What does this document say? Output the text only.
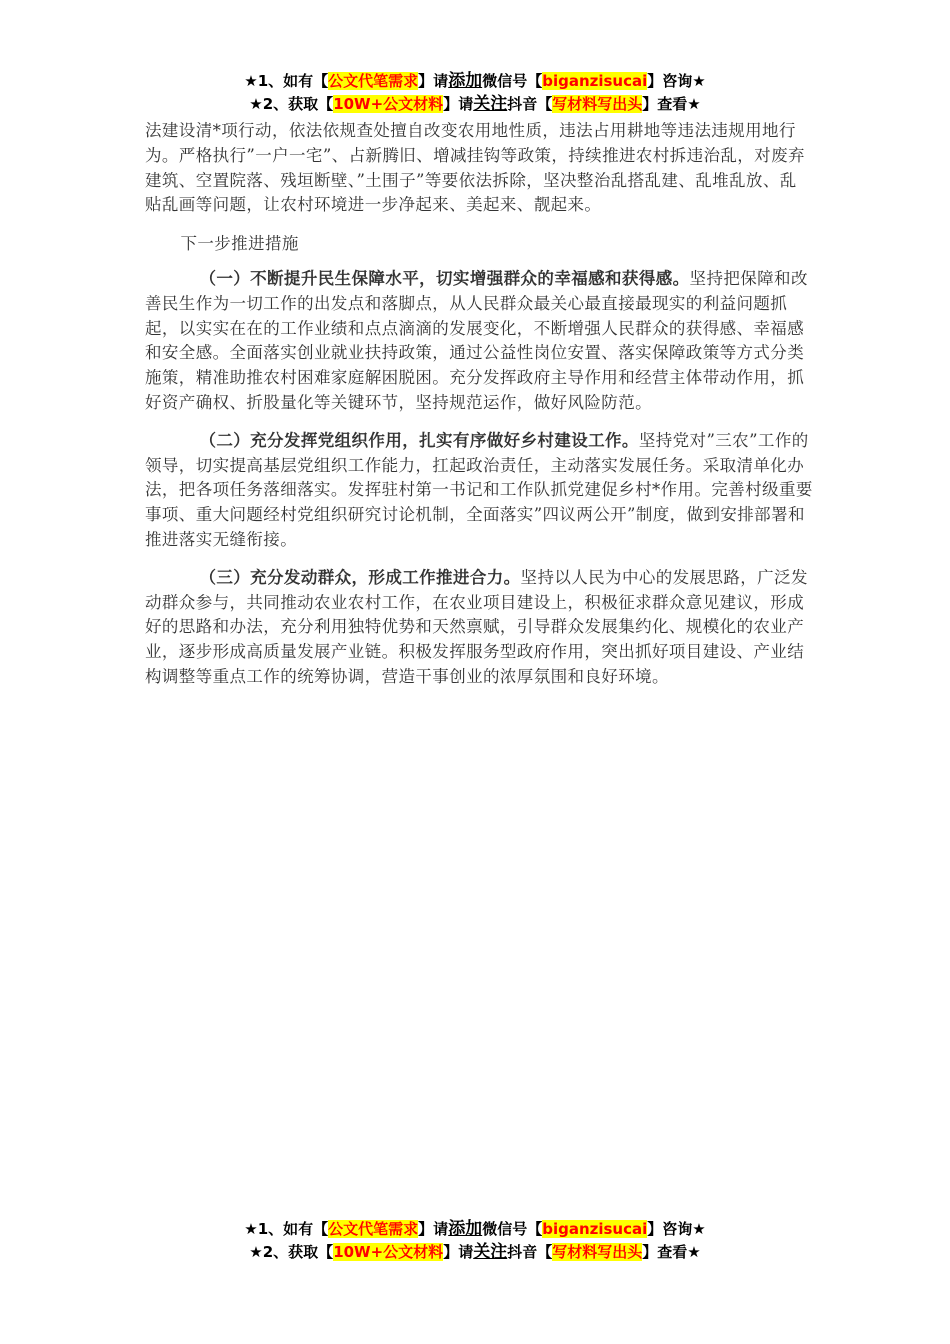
★1、如有【公文代笔需求】请添加微信号【biganzisucai】咨询★
★2、获取【10W+公文材料】请关注抖音【写材料写出头】查看★

法建设清*项行动，依法依规查处擅自改变农用地性质，违法占用耕地等违法违规用地行为。严格执行”一户一宅”、占新腾旧、增减挂钩等政策，持续推进农村拆违治乱，对废弃建筑、空置院落、残垣断壁、”土围子”等要依法拆除，坚决整治乱搭乱建、乱堆乱放、乱贴乱画等问题，让农村环境进一步净起来、美起来、靓起来。

下一步推进措施

（一）不断提升民生保障水平，切实增强群众的幸福感和获得感。坚持把保障和改善民生作为一切工作的出发点和落脚点，从人民群众最关心最直接最现实的利益问题抓起，以实实在在的工作业绩和点点滴滴的发展变化，不断增强人民群众的获得感、幸福感和安全感。全面落实创业就业扶持政策，通过公益性岗位安置、落实保障政策等方式分类施策，精准助推农村困难家庭解困脱困。充分发挥政府主导作用和经营主体带动作用，抓好资产确权、折股量化等关键环节，坚持规范运作，做好风险防范。

（二）充分发挥党组织作用，扎实有序做好乡村建设工作。坚持党对”三农”工作的领导，切实提高基层党组织工作能力，扛起政治责任，主动落实发展任务。采取清单化办法，把各项任务落细落实。发挥驻村第一书记和工作队抓党建促乡村*作用。完善村级重要事项、重大问题经村党组织研究讨论机制，全面落实”四议两公开”制度，做到安排部署和推进落实无缝衔接。

（三）充分发动群众，形成工作推进合力。坚持以人民为中心的发展思路，广泛发动群众参与，共同推动农业农村工作，在农业项目建设上，积极征求群众意见建议，形成好的思路和办法，充分利用独特优势和天然禀赋，引导群众发展集约化、规模化的农业产业，逐步形成高质量发展产业链。积极发挥服务型政府作用，突出抓好项目建设、产业结构调整等重点工作的统筹协调，营造干事创业的浓厚氛围和良好环境。

★1、如有【公文代笔需求】请添加微信号【biganzisucai】咨询★
★2、获取【10W+公文材料】请关注抖音【写材料写出头】查看★
